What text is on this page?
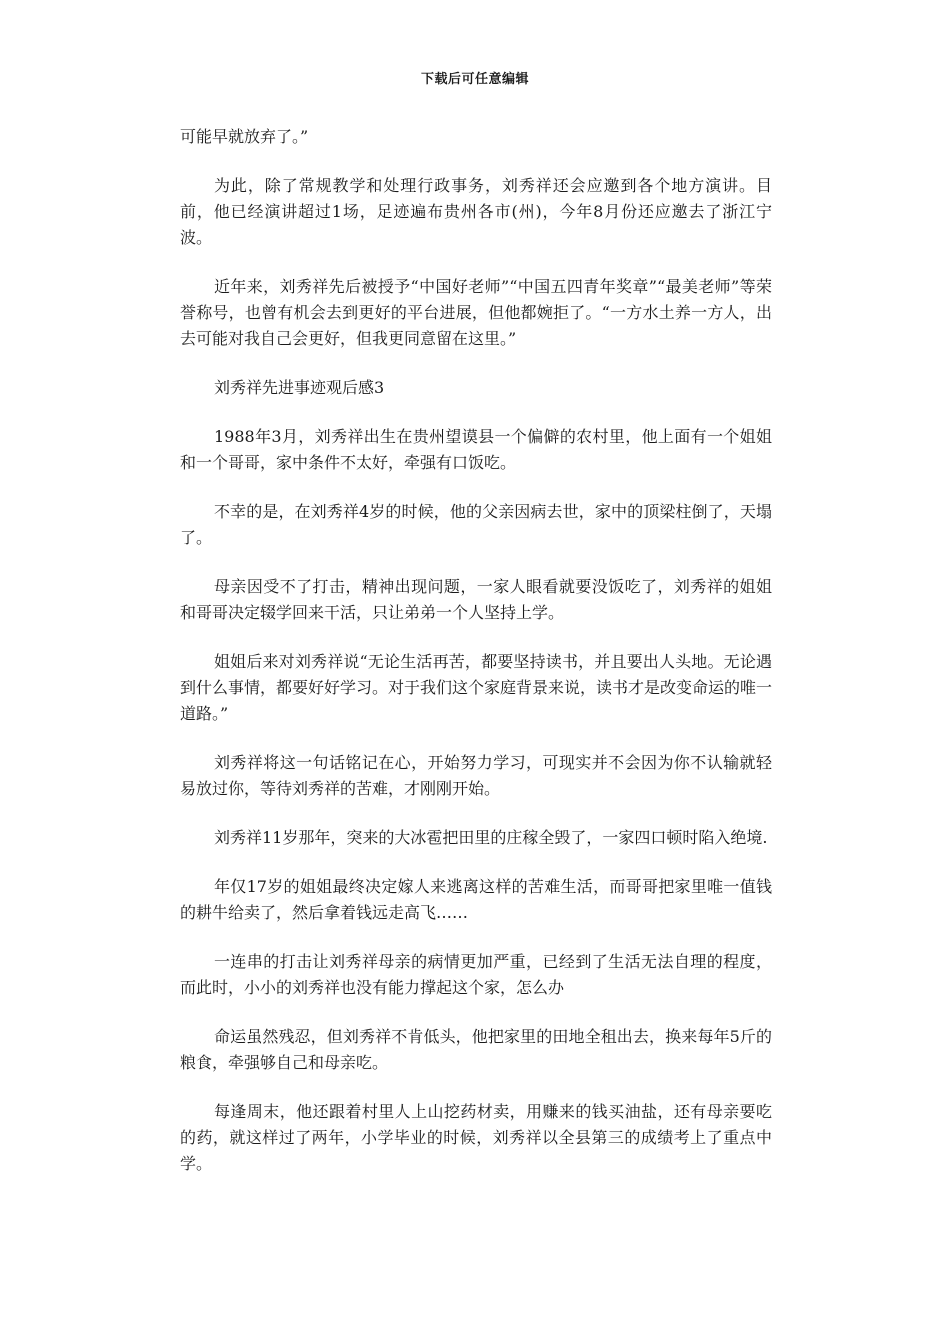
下载后可任意编辑

可能早就放弃了。”

为此，除了常规教学和处理行政事务，刘秀祥还会应邀到各个地方演讲。目前，他已经演讲超过1场，足迹遍布贵州各市(州)，今年8月份还应邀去了浙江宁波。

近年来，刘秀祥先后被授予“中国好老师”“中国五四青年奖章”“最美老师”等荣誉称号，也曾有机会去到更好的平台进展，但他都婉拒了。“一方水土养一方人，出去可能对我自己会更好，但我更同意留在这里。”

刘秀祥先进事迹观后感3

1988年3月，刘秀祥出生在贵州望谟县一个偏僻的农村里，他上面有一个姐姐和一个哥哥，家中条件不太好，牵强有口饭吃。

不幸的是，在刘秀祥4岁的时候，他的父亲因病去世，家中的顶梁柱倒了，天塌了。

母亲因受不了打击，精神出现问题，一家人眼看就要没饭吃了，刘秀祥的姐姐和哥哥决定辍学回来干活，只让弟弟一个人坚持上学。

姐姐后来对刘秀祥说“无论生活再苦，都要坚持读书，并且要出人头地。无论遇到什么事情，都要好好学习。对于我们这个家庭背景来说，读书才是改变命运的唯一道路。”

刘秀祥将这一句话铭记在心，开始努力学习，可现实并不会因为你不认输就轻易放过你，等待刘秀祥的苦难，才刚刚开始。

刘秀祥11岁那年，突来的大冰雹把田里的庄稼全毁了，一家四口顿时陷入绝境.

年仅17岁的姐姐最终决定嫁人来逃离这样的苦难生活，而哥哥把家里唯一值钱的耕牛给卖了，然后拿着钱远走高飞……

一连串的打击让刘秀祥母亲的病情更加严重，已经到了生活无法自理的程度，而此时，小小的刘秀祥也没有能力撑起这个家，怎么办

命运虽然残忍，但刘秀祥不肯低头，他把家里的田地全租出去，换来每年5斤的粮食，牵强够自己和母亲吃。

每逢周末，他还跟着村里人上山挖药材卖，用赚来的钱买油盐，还有母亲要吃的药，就这样过了两年，小学毕业的时候，刘秀祥以全县第三的成绩考上了重点中学。
